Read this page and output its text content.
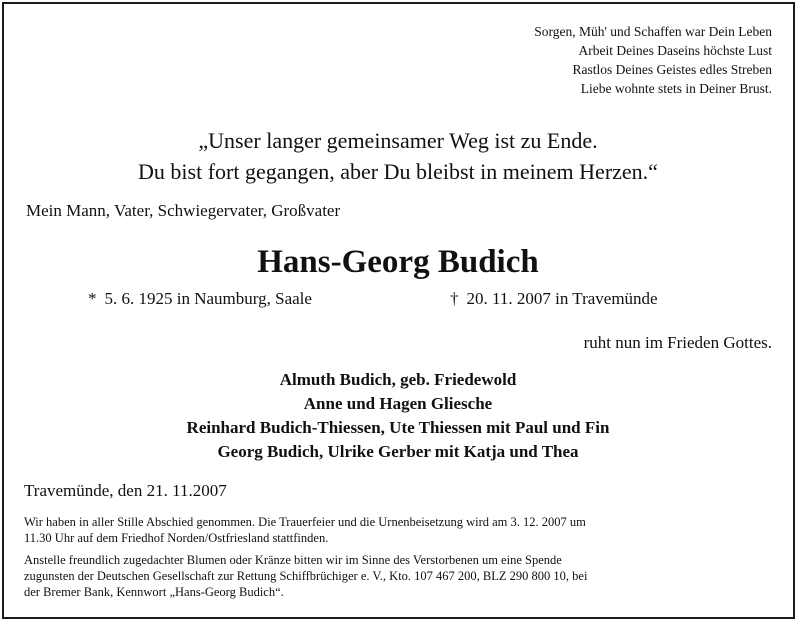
Sorgen, Müh' und Schaffen war Dein Leben
Arbeit Deines Daseins höchste Lust
Rastlos Deines Geistes edles Streben
Liebe wohnte stets in Deiner Brust.
„Unser langer gemeinsamer Weg ist zu Ende.
Du bist fort gegangen, aber Du bleibst in meinem Herzen.“
Mein Mann, Vater, Schwiegervater, Großvater
Hans-Georg Budich
* 5. 6. 1925 in Naumburg, Saale	† 20. 11. 2007 in Travemünde
ruht nun im Frieden Gottes.
Almuth Budich, geb. Friedewold
Anne und Hagen Gliesche
Reinhard Budich-Thiessen, Ute Thiessen mit Paul und Fin
Georg Budich, Ulrike Gerber mit Katja und Thea
Travemünde, den 21. 11.2007
Wir haben in aller Stille Abschied genommen. Die Trauerfeier und die Urnenbeisetzung wird am 3. 12. 2007 um
11.30 Uhr auf dem Friedhof Norden/Ostfriesland stattfinden.
Anstelle freundlich zugedachter Blumen oder Kränze bitten wir im Sinne des Verstorbenen um eine Spende
zugunsten der Deutschen Gesellschaft zur Rettung Schiffbrüchiger e. V., Kto. 107 467 200, BLZ 290 800 10, bei
der Bremer Bank, Kennwort „Hans-Georg Budich“.
